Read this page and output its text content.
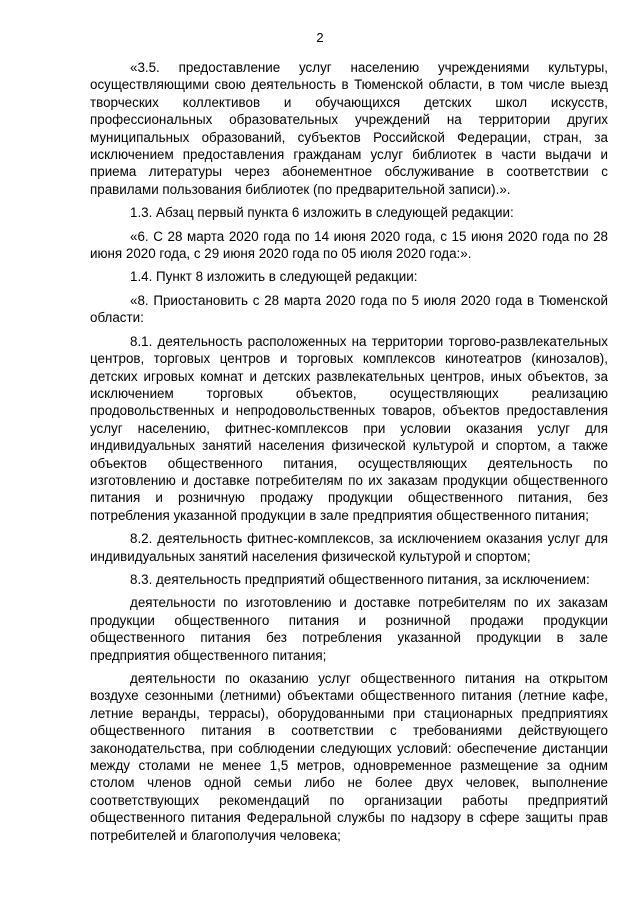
2

«3.5. предоставление услуг населению учреждениями культуры, осуществляющими свою деятельность в Тюменской области, в том числе выезд творческих коллективов и обучающихся детских школ искусств, профессиональных образовательных учреждений на территории других муниципальных образований, субъектов Российской Федерации, стран, за исключением предоставления гражданам услуг библиотек в части выдачи и приема литературы через абонементное обслуживание в соответствии с правилами пользования библиотек (по предварительной записи).».

1.3. Абзац первый пункта 6 изложить в следующей редакции:

«6. С 28 марта 2020 года по 14 июня 2020 года, с 15 июня 2020 года по 28 июня 2020 года, с 29 июня 2020 года по 05 июля 2020 года:».

1.4. Пункт 8 изложить в следующей редакции:

«8. Приостановить с 28 марта 2020 года по 5 июля 2020 года в Тюменской области:

8.1. деятельность расположенных на территории торгово-развлекательных центров, торговых центров и торговых комплексов кинотеатров (кинозалов), детских игровых комнат и детских развлекательных центров, иных объектов, за исключением торговых объектов, осуществляющих реализацию продовольственных и непродовольственных товаров, объектов предоставления услуг населению, фитнес-комплексов при условии оказания услуг для индивидуальных занятий населения физической культурой и спортом, а также объектов общественного питания, осуществляющих деятельность по изготовлению и доставке потребителям по их заказам продукции общественного питания и розничную продажу продукции общественного питания, без потребления указанной продукции в зале предприятия общественного питания;

8.2. деятельность фитнес-комплексов, за исключением оказания услуг для индивидуальных занятий населения физической культурой и спортом;

8.3. деятельность предприятий общественного питания, за исключением:

деятельности по изготовлению и доставке потребителям по их заказам продукции общественного питания и розничной продажи продукции общественного питания без потребления указанной продукции в зале предприятия общественного питания;

деятельности по оказанию услуг общественного питания на открытом воздухе сезонными (летними) объектами общественного питания (летние кафе, летние веранды, террасы), оборудованными при стационарных предприятиях общественного питания в соответствии с требованиями действующего законодательства, при соблюдении следующих условий: обеспечение дистанции между столами не менее 1,5 метров, одновременное размещение за одним столом членов одной семьи либо не более двух человек, выполнение соответствующих рекомендаций по организации работы предприятий общественного питания Федеральной службы по надзору в сфере защиты прав потребителей и благополучия человека;
